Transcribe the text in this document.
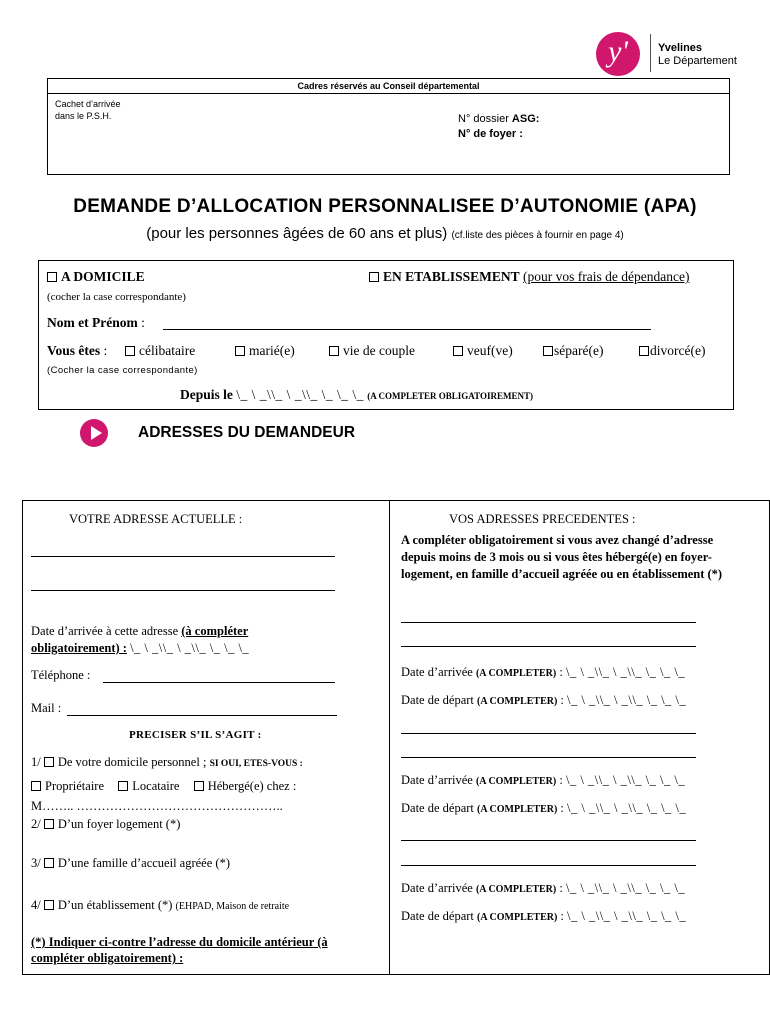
y'	Yvelines
Le Département
Cadres réservés au Conseil départemental
Cachet d’arrivée
dans le P.S.H.	N° dossier ASG:
N° de foyer :
DEMANDE D’ALLOCATION PERSONNALISEE D’AUTONOMIE (APA)
(pour les personnes âgées de 60 ans et plus) (cf.liste des pièces à fournir en page 4)
A DOMICILE	EN ETABLISSEMENT (pour vos frais de dépendance)
(cocher la case correspondante)
Nom et Prénom :
Vous êtes :	célibataire	marié(e)	vie de couple	veuf(ve)	séparé(e)	divorcé(e)
(Cocher la case correspondante)
Depuis le \_ \ _\\_ \ _\\_ \_ \_ \_ (A COMPLETER OBLIGATOIREMENT)
ADRESSES DU DEMANDEUR
VOTRE ADRESSE ACTUELLE :
Date d’arrivée à cette adresse (à compléter
obligatoirement) : \_ \ _\\_ \ _\\_ \_ \_ \_
Téléphone :
Mail :
PRECISER S’IL S’AGIT :
1/ De votre domicile personnel ; SI OUI, ETES-VOUS :
Propriétaire Locataire Hébergé(e) chez :
M…….. …………………………………………..
2/ D’un foyer logement (*)
3/ D’une famille d’accueil agréée (*)
4/ D’un établissement (*) (EHPAD, Maison de retraite
(*) Indiquer ci-contre l’adresse du domicile antérieur (à compléter obligatoirement) :
VOS ADRESSES PRECEDENTES :
A compléter obligatoirement si vous avez changé d’adresse depuis moins de 3 mois ou si vous êtes hébergé(e) en foyer-logement, en famille d’accueil agréée ou en établissement (*)
Date d’arrivée (A COMPLETER) : \_ \ _\\_ \ _\\_ \_ \_ \_
Date de départ (A COMPLETER) : \_ \ _\\_ \ _\\_ \_ \_ \_
Date d’arrivée (A COMPLETER) : \_ \ _\\_ \ _\\_ \_ \_ \_
Date de départ (A COMPLETER) : \_ \ _\\_ \ _\\_ \_ \_ \_
Date d’arrivée (A COMPLETER) : \_ \ _\\_ \ _\\_ \_ \_ \_
Date de départ (A COMPLETER) : \_ \ _\\_ \ _\\_ \_ \_ \_
